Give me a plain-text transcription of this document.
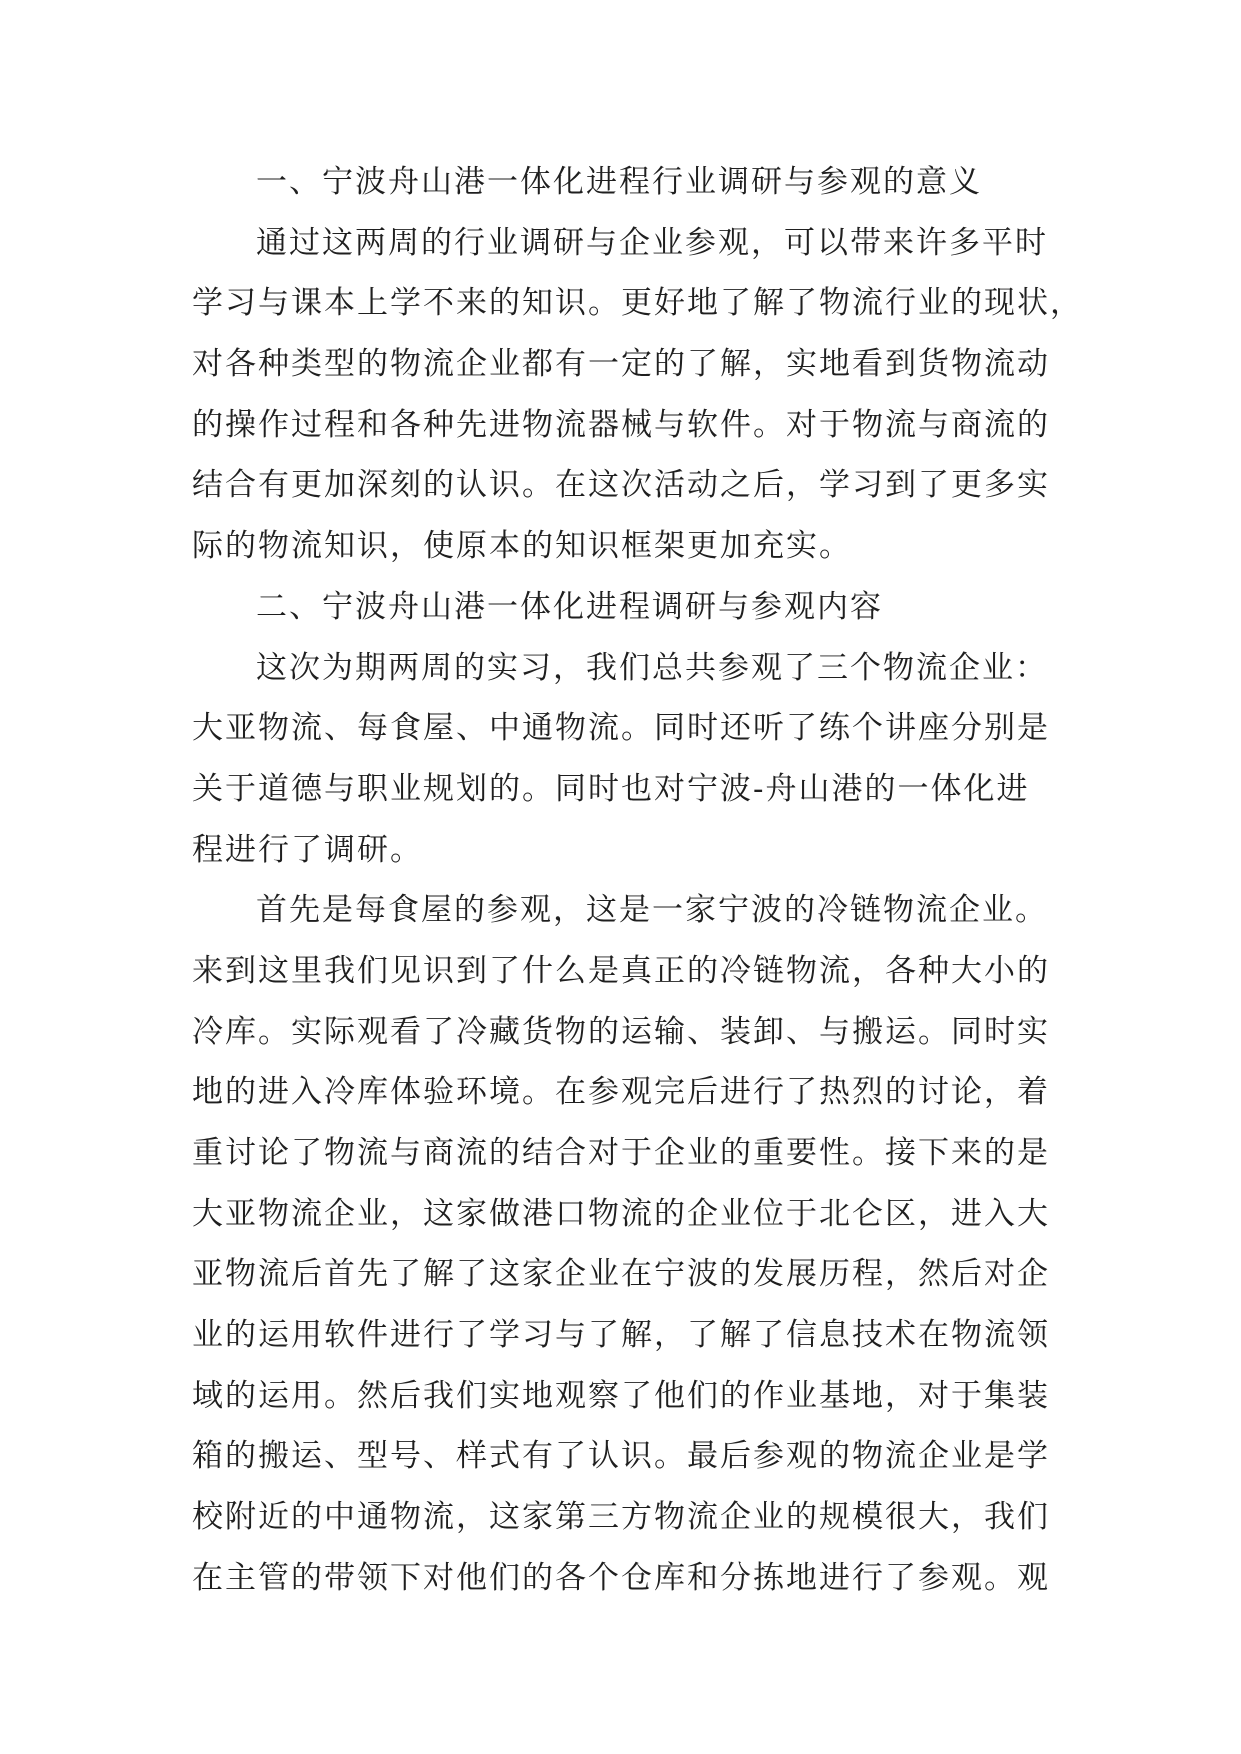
一、宁波舟山港一体化进程行业调研与参观的意义
通过这两周的行业调研与企业参观，可以带来许多平时
学习与课本上学不来的知识。更好地了解了物流行业的现状，
对各种类型的物流企业都有一定的了解，实地看到货物流动
的操作过程和各种先进物流器械与软件。对于物流与商流的
结合有更加深刻的认识。在这次活动之后，学习到了更多实
际的物流知识，使原本的知识框架更加充实。
二、宁波舟山港一体化进程调研与参观内容
这次为期两周的实习，我们总共参观了三个物流企业：
大亚物流、每食屋、中通物流。同时还听了练个讲座分别是
关于道德与职业规划的。同时也对宁波-舟山港的一体化进
程进行了调研。
首先是每食屋的参观，这是一家宁波的冷链物流企业。
来到这里我们见识到了什么是真正的冷链物流，各种大小的
冷库。实际观看了冷藏货物的运输、装卸、与搬运。同时实
地的进入冷库体验环境。在参观完后进行了热烈的讨论，着
重讨论了物流与商流的结合对于企业的重要性。接下来的是
大亚物流企业，这家做港口物流的企业位于北仑区，进入大
亚物流后首先了解了这家企业在宁波的发展历程，然后对企
业的运用软件进行了学习与了解，了解了信息技术在物流领
域的运用。然后我们实地观察了他们的作业基地，对于集装
箱的搬运、型号、样式有了认识。最后参观的物流企业是学
校附近的中通物流，这家第三方物流企业的规模很大，我们
在主管的带领下对他们的各个仓库和分拣地进行了参观。观
